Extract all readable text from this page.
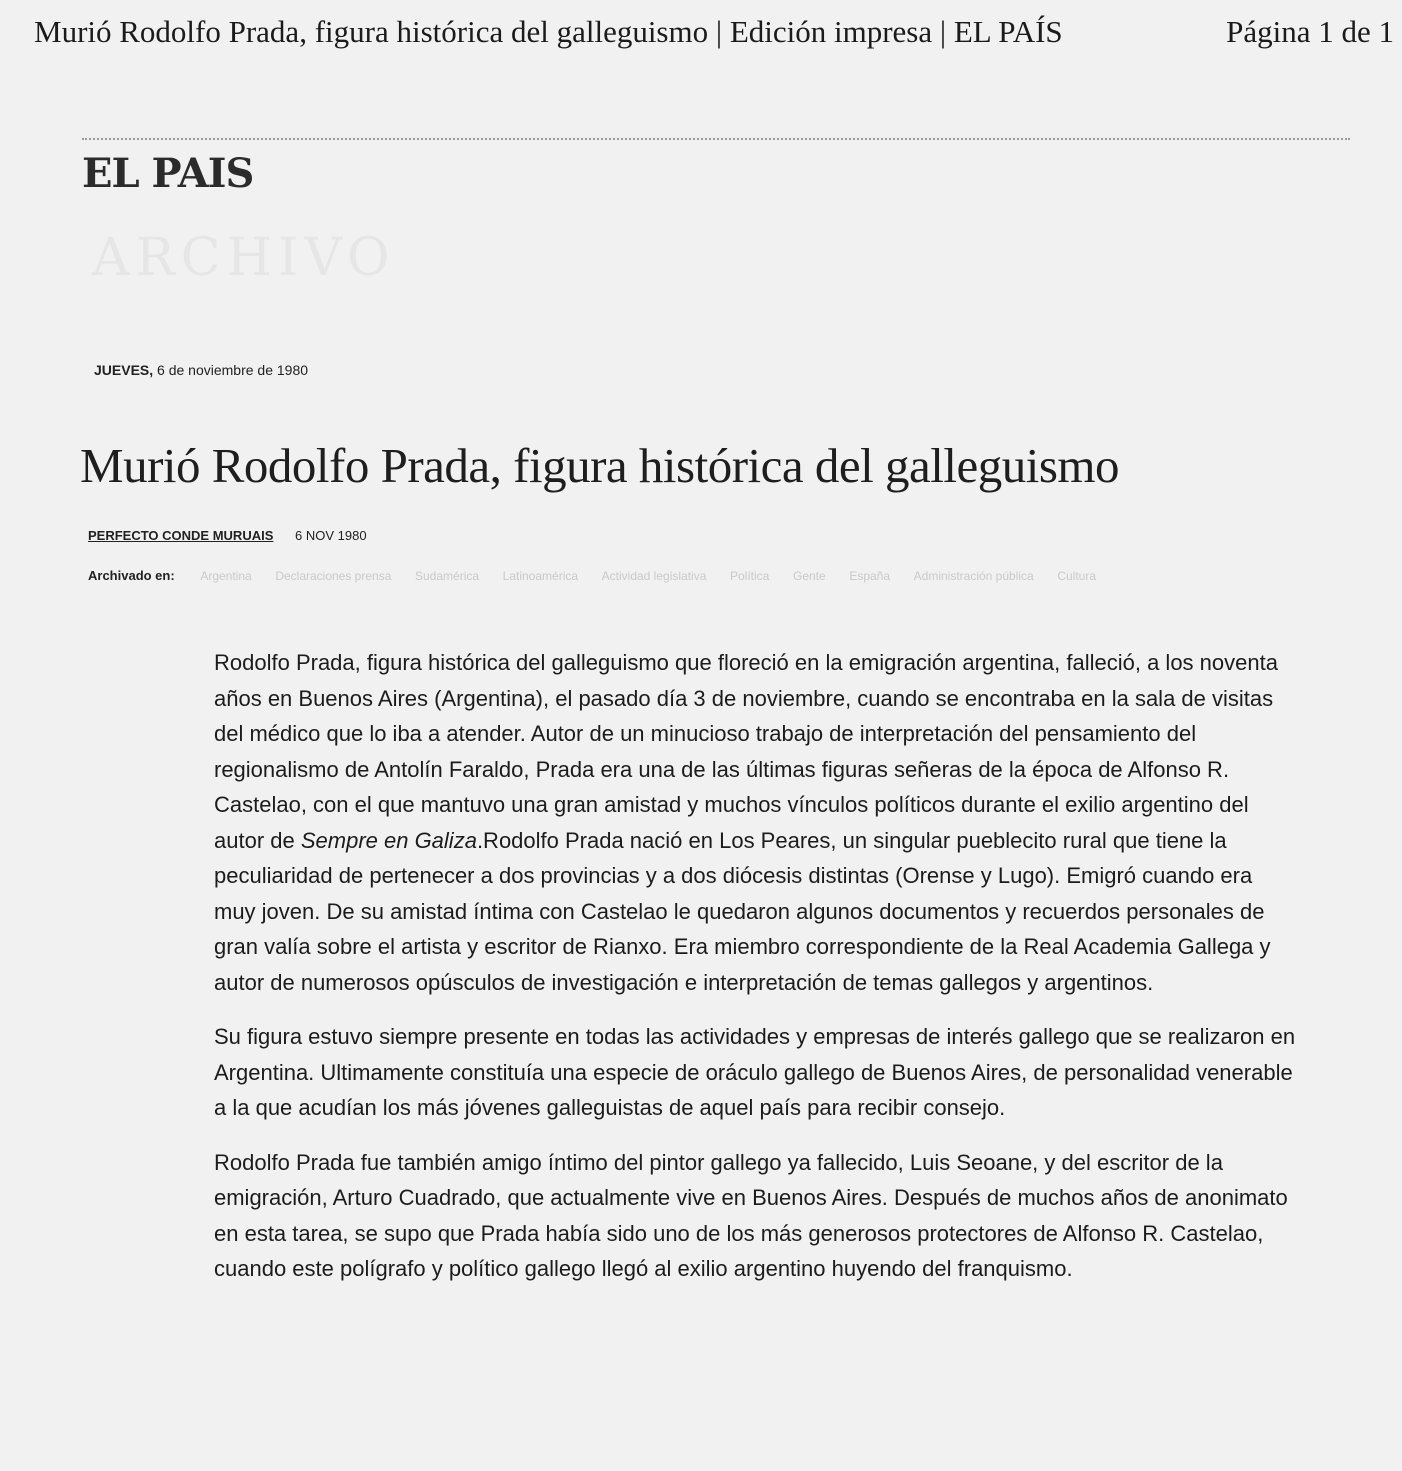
Murió Rodolfo Prada, figura histórica del galleguismo | Edición impresa | EL PAÍS	Página 1 de 1
EL PAIS
ARCHIVO
JUEVES, 6 de noviembre de 1980
Murió Rodolfo Prada, figura histórica del galleguismo
PERFECTO CONDE MURUAIS 6 NOV 1980
Archivado en: Argentina Declaraciones prensa Sudamérica Latinoamérica Actividad legislativa Política Gente España Administración pública Cultura

Rodolfo Prada, figura histórica del galleguismo que floreció en la emigración argentina, falleció, a los noventa años en Buenos Aires (Argentina), el pasado día 3 de noviembre, cuando se encontraba en la sala de visitas del médico que lo iba a atender. Autor de un minucioso trabajo de interpretación del pensamiento del regionalismo de Antolín Faraldo, Prada era una de las últimas figuras señeras de la época de Alfonso R. Castelao, con el que mantuvo una gran amistad y muchos vínculos políticos durante el exilio argentino del autor de Sempre en Galiza.Rodolfo Prada nació en Los Peares, un singular pueblecito rural que tiene la peculiaridad de pertenecer a dos provincias y a dos diócesis distintas (Orense y Lugo). Emigró cuando era muy joven. De su amistad íntima con Castelao le quedaron algunos documentos y recuerdos personales de gran valía sobre el artista y escritor de Rianxo. Era miembro correspondiente de la Real Academia Gallega y autor de numerosos opúsculos de investigación e interpretación de temas gallegos y argentinos.

Su figura estuvo siempre presente en todas las actividades y empresas de interés gallego que se realizaron en Argentina. Ultimamente constituía una especie de oráculo gallego de Buenos Aires, de personalidad venerable a la que acudían los más jóvenes galleguistas de aquel país para recibir consejo.

Rodolfo Prada fue también amigo íntimo del pintor gallego ya fallecido, Luis Seoane, y del escritor de la emigración, Arturo Cuadrado, que actualmente vive en Buenos Aires. Después de muchos años de anonimato en esta tarea, se supo que Prada había sido uno de los más generosos protectores de Alfonso R. Castelao, cuando este polígrafo y político gallego llegó al exilio argentino huyendo del franquismo.
